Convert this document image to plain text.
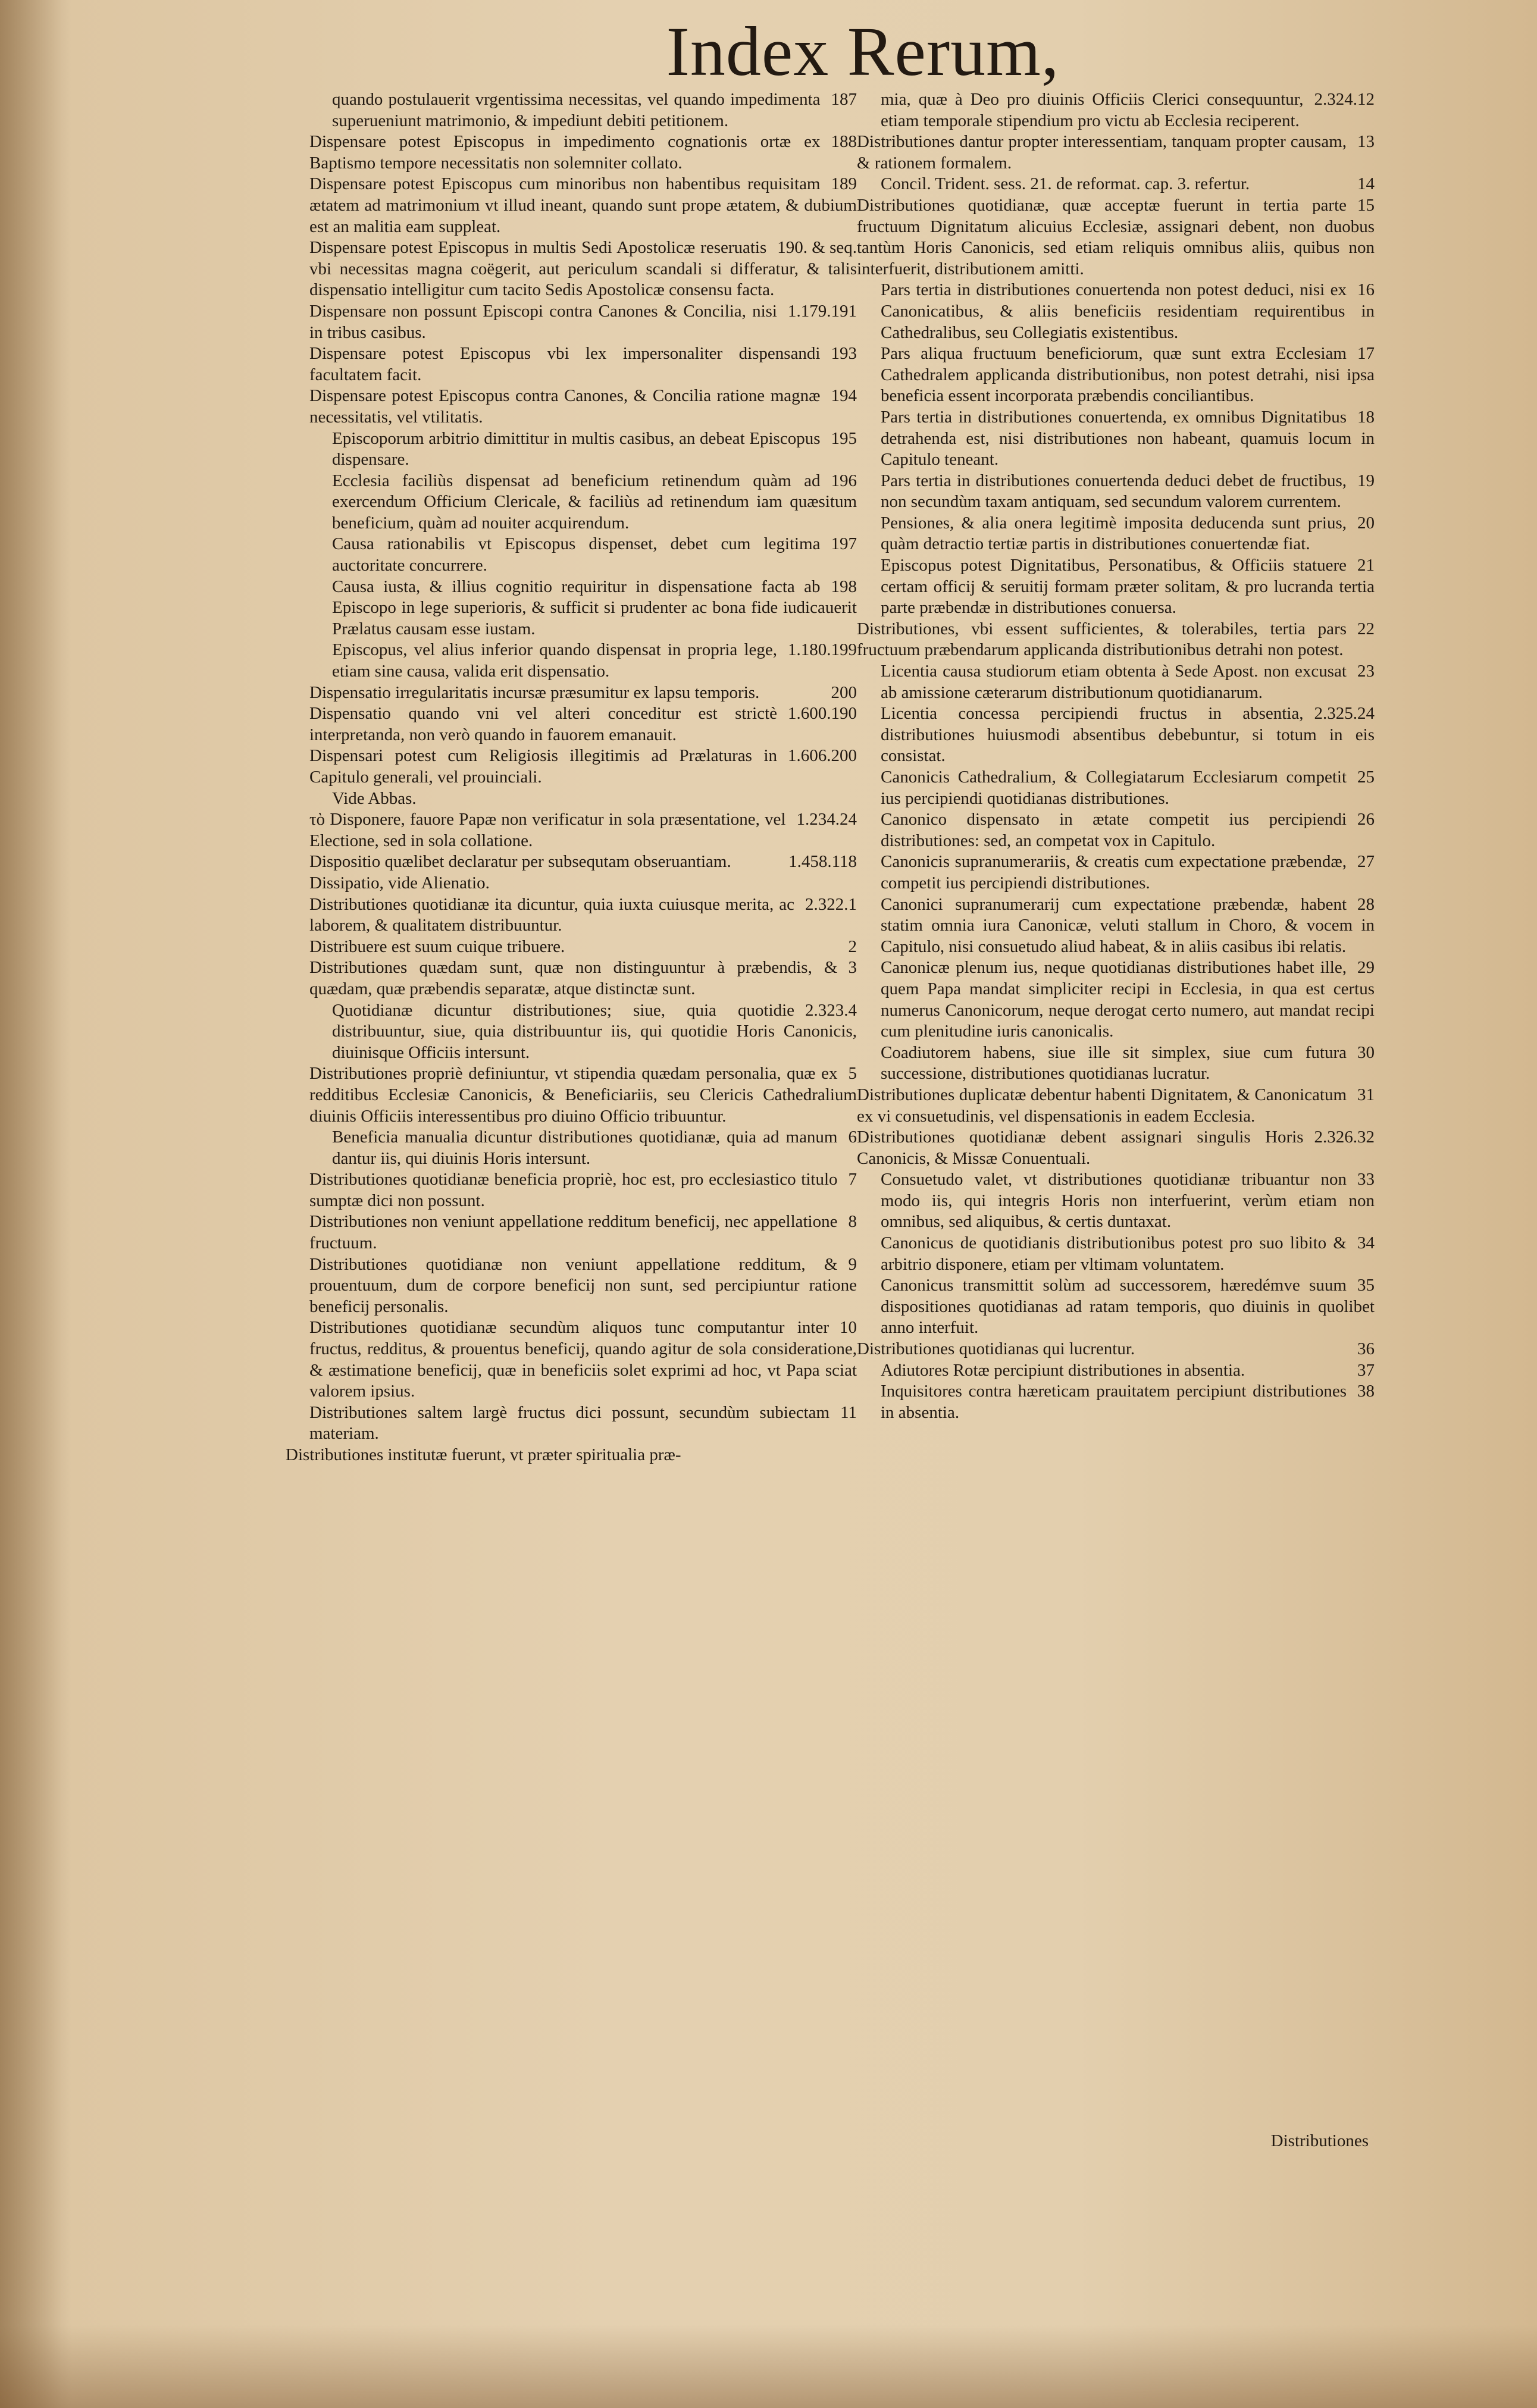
Index Rerum,
187
quando postulauerit vrgentissima necessitas, vel quando impedimenta superueniunt matrimonio, & impediunt debiti petitionem.
188
Dispensare potest Episcopus in impedimento cognationis ortæ ex Baptismo tempore necessitatis non solemniter collato.
189
Dispensare potest Episcopus cum minoribus non habentibus requisitam ætatem ad matrimonium vt illud ineant, quando sunt prope ætatem, & dubium est an malitia eam suppleat.
190. & seq.
Dispensare potest Episcopus in multis Sedi Apostolicæ reseruatis vbi necessitas magna coëgerit, aut periculum scandali si differatur, & talis dispensatio intelligitur cum tacito Sedis Apostolicæ consensu facta.
1.179.191
Dispensare non possunt Episcopi contra Canones & Concilia, nisi in tribus casibus.
193
Dispensare potest Episcopus vbi lex impersonaliter dispensandi facultatem facit.
194
Dispensare potest Episcopus contra Canones, & Concilia ratione magnæ necessitatis, vel vtilitatis.
195
Episcoporum arbitrio dimittitur in multis casibus, an debeat Episcopus dispensare.
196
Ecclesia faciliùs dispensat ad beneficium retinendum quàm ad exercendum Officium Clericale, & faciliùs ad retinendum iam quæsitum beneficium, quàm ad nouiter acquirendum.
197
Causa rationabilis vt Episcopus dispenset, debet cum legitima auctoritate concurrere.
198
Causa iusta, & illius cognitio requiritur in dispensatione facta ab Episcopo in lege superioris, & sufficit si prudenter ac bona fide iudicauerit Prælatus causam esse iustam.
1.180.199
Episcopus, vel alius inferior quando dispensat in propria lege, etiam sine causa, valida erit dispensatio.
200
Dispensatio irregularitatis incursæ præsumitur ex lapsu temporis.
1.600.190
Dispensatio quando vni vel alteri conceditur est strictè interpretanda, non verò quando in fauorem emanauit.
1.606.200
Dispensari potest cum Religiosis illegitimis ad Prælaturas in Capitulo generali, vel prouinciali.
Vide Abbas.
1.234.24
τὸ Disponere, fauore Papæ non verificatur in sola præsentatione, vel Electione, sed in sola collatione.
1.458.118
Dispositio quælibet declaratur per subsequtam obseruantiam.
Dissipatio, vide Alienatio.
2.322.1
Distributiones quotidianæ ita dicuntur, quia iuxta cuiusque merita, ac laborem, & qualitatem distribuuntur.
2
Distribuere est suum cuique tribuere.
3
Distributiones quædam sunt, quæ non distinguuntur à præbendis, & quædam, quæ præbendis separatæ, atque distinctæ sunt.
2.323.4
Quotidianæ dicuntur distributiones; siue, quia quotidie distribuuntur, siue, quia distribuuntur iis, qui quotidie Horis Canonicis, diuinisque Officiis intersunt.
5
Distributiones propriè definiuntur, vt stipendia quædam personalia, quæ ex redditibus Ecclesiæ Canonicis, & Beneficiariis, seu Clericis Cathedralium diuinis Officiis interessentibus pro diuino Officio tribuuntur.
6
Beneficia manualia dicuntur distributiones quotidianæ, quia ad manum dantur iis, qui diuinis Horis intersunt.
7
Distributiones quotidianæ beneficia propriè, hoc est, pro ecclesiastico titulo sumptæ dici non possunt.
8
Distributiones non veniunt appellatione redditum beneficij, nec appellatione fructuum.
9
Distributiones quotidianæ non veniunt appellatione redditum, & prouentuum, dum de corpore beneficij non sunt, sed percipiuntur ratione beneficij personalis.
10
Distributiones quotidianæ secundùm aliquos tunc computantur inter fructus, redditus, & prouentus beneficij, quando agitur de sola consideratione, & æstimatione beneficij, quæ in beneficiis solet exprimi ad hoc, vt Papa sciat valorem ipsius.
11
Distributiones saltem largè fructus dici possunt, secundùm subiectam materiam.
Distributiones institutæ fuerunt, vt præter spiritualia præ-
2.324.12
mia, quæ à Deo pro diuinis Officiis Clerici consequuntur, etiam temporale stipendium pro victu ab Ecclesia reciperent.
13
Distributiones dantur propter interessentiam, tanquam propter causam, & rationem formalem.
14
Concil. Trident. sess. 21. de reformat. cap. 3. refertur.
15
Distributiones quotidianæ, quæ acceptæ fuerunt in tertia parte fructuum Dignitatum alicuius Ecclesiæ, assignari debent, non duobus tantùm Horis Canonicis, sed etiam reliquis omnibus aliis, quibus non interfuerit, distributionem amitti.
16
Pars tertia in distributiones conuertenda non potest deduci, nisi ex Canonicatibus, & aliis beneficiis residentiam requirentibus in Cathedralibus, seu Collegiatis existentibus.
17
Pars aliqua fructuum beneficiorum, quæ sunt extra Ecclesiam Cathedralem applicanda distributionibus, non potest detrahi, nisi ipsa beneficia essent incorporata præbendis conciliantibus.
18
Pars tertia in distributiones conuertenda, ex omnibus Dignitatibus detrahenda est, nisi distributiones non habeant, quamuis locum in Capitulo teneant.
19
Pars tertia in distributiones conuertenda deduci debet de fructibus, non secundùm taxam antiquam, sed secundum valorem currentem.
20
Pensiones, & alia onera legitimè imposita deducenda sunt prius, quàm detractio tertiæ partis in distributiones conuertendæ fiat.
21
Episcopus potest Dignitatibus, Personatibus, & Officiis statuere certam officij & seruitij formam præter solitam, & pro lucranda tertia parte præbendæ in distributiones conuersa.
22
Distributiones, vbi essent sufficientes, & tolerabiles, tertia pars fructuum præbendarum applicanda distributionibus detrahi non potest.
23
Licentia causa studiorum etiam obtenta à Sede Apost. non excusat ab amissione cæterarum distributionum quotidianarum.
2.325.24
Licentia concessa percipiendi fructus in absentia, distributiones huiusmodi absentibus debebuntur, si totum in eis consistat.
25
Canonicis Cathedralium, & Collegiatarum Ecclesiarum competit ius percipiendi quotidianas distributiones.
26
Canonico dispensato in ætate competit ius percipiendi distributiones: sed, an competat vox in Capitulo.
27
Canonicis supranumerariis, & creatis cum expectatione præbendæ, competit ius percipiendi distributiones.
28
Canonici supranumerarij cum expectatione præbendæ, habent statim omnia iura Canonicæ, veluti stallum in Choro, & vocem in Capitulo, nisi consuetudo aliud habeat, & in aliis casibus ibi relatis.
29
Canonicæ plenum ius, neque quotidianas distributiones habet ille, quem Papa mandat simpliciter recipi in Ecclesia, in qua est certus numerus Canonicorum, neque derogat certo numero, aut mandat recipi cum plenitudine iuris canonicalis.
30
Coadiutorem habens, siue ille sit simplex, siue cum futura successione, distributiones quotidianas lucratur.
31
Distributiones duplicatæ debentur habenti Dignitatem, & Canonicatum ex vi consuetudinis, vel dispensationis in eadem Ecclesia.
2.326.32
Distributiones quotidianæ debent assignari singulis Horis Canonicis, & Missæ Conuentuali.
33
Consuetudo valet, vt distributiones quotidianæ tribuantur non modo iis, qui integris Horis non interfuerint, verùm etiam non omnibus, sed aliquibus, & certis duntaxat.
34
Canonicus de quotidianis distributionibus potest pro suo libito & arbitrio disponere, etiam per vltimam voluntatem.
35
Canonicus transmittit solùm ad successorem, hæredémve suum dispositiones quotidianas ad ratam temporis, quo diuinis in quolibet anno interfuit.
36
Distributiones quotidianas qui lucrentur.
37
Adiutores Rotæ percipiunt distributiones in absentia.
38
Inquisitores contra hæreticam prauitatem percipiunt distributiones in absentia.
Distributiones
